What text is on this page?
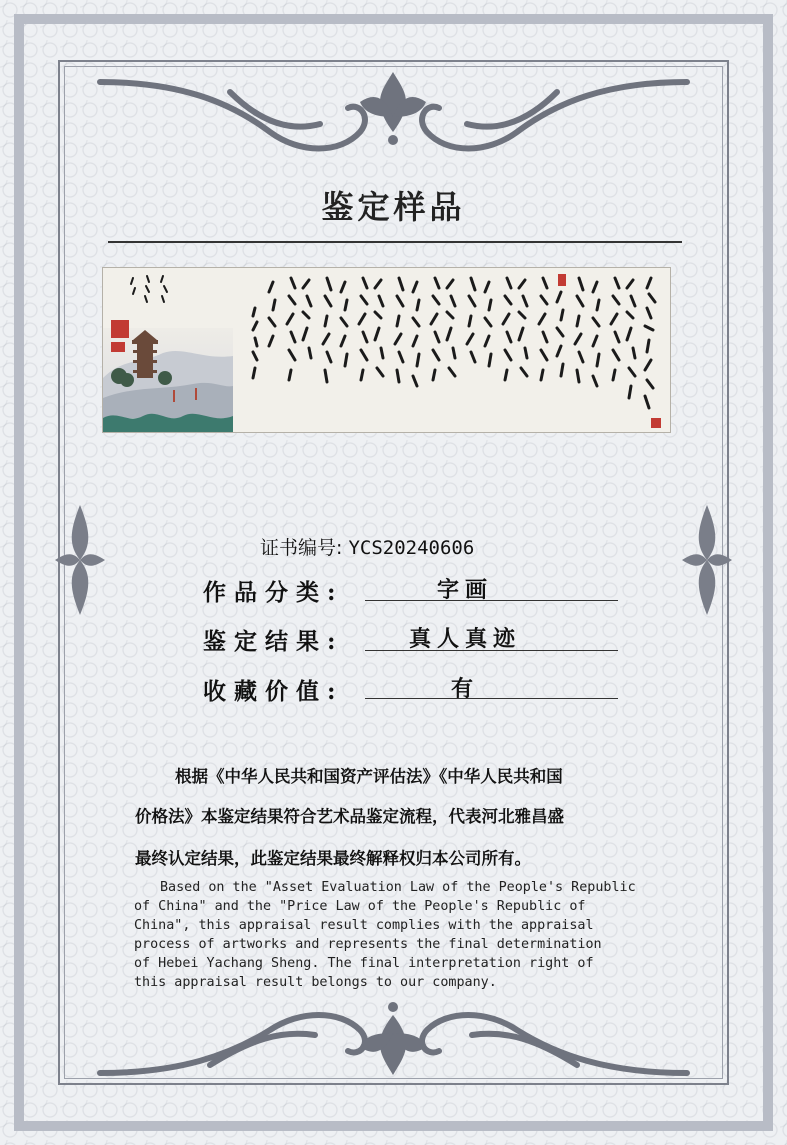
鉴定样品
证书编号: YCS20240606
作品分类:	字画
鉴定结果:	真人真迹
收藏价值:	有
根据《中华人民共和国资产评估法》《中华人民共和国
价格法》本鉴定结果符合艺术品鉴定流程，代表河北雅昌盛
最终认定结果，此鉴定结果最终解释权归本公司所有。
Based on the "Asset Evaluation Law of the People's Republic
of China" and the "Price Law of the People's Republic of
China", this appraisal result complies with the appraisal
process of artworks and represents the final determination
of Hebei Yachang Sheng. The final interpretation right of
this appraisal result belongs to our company.
